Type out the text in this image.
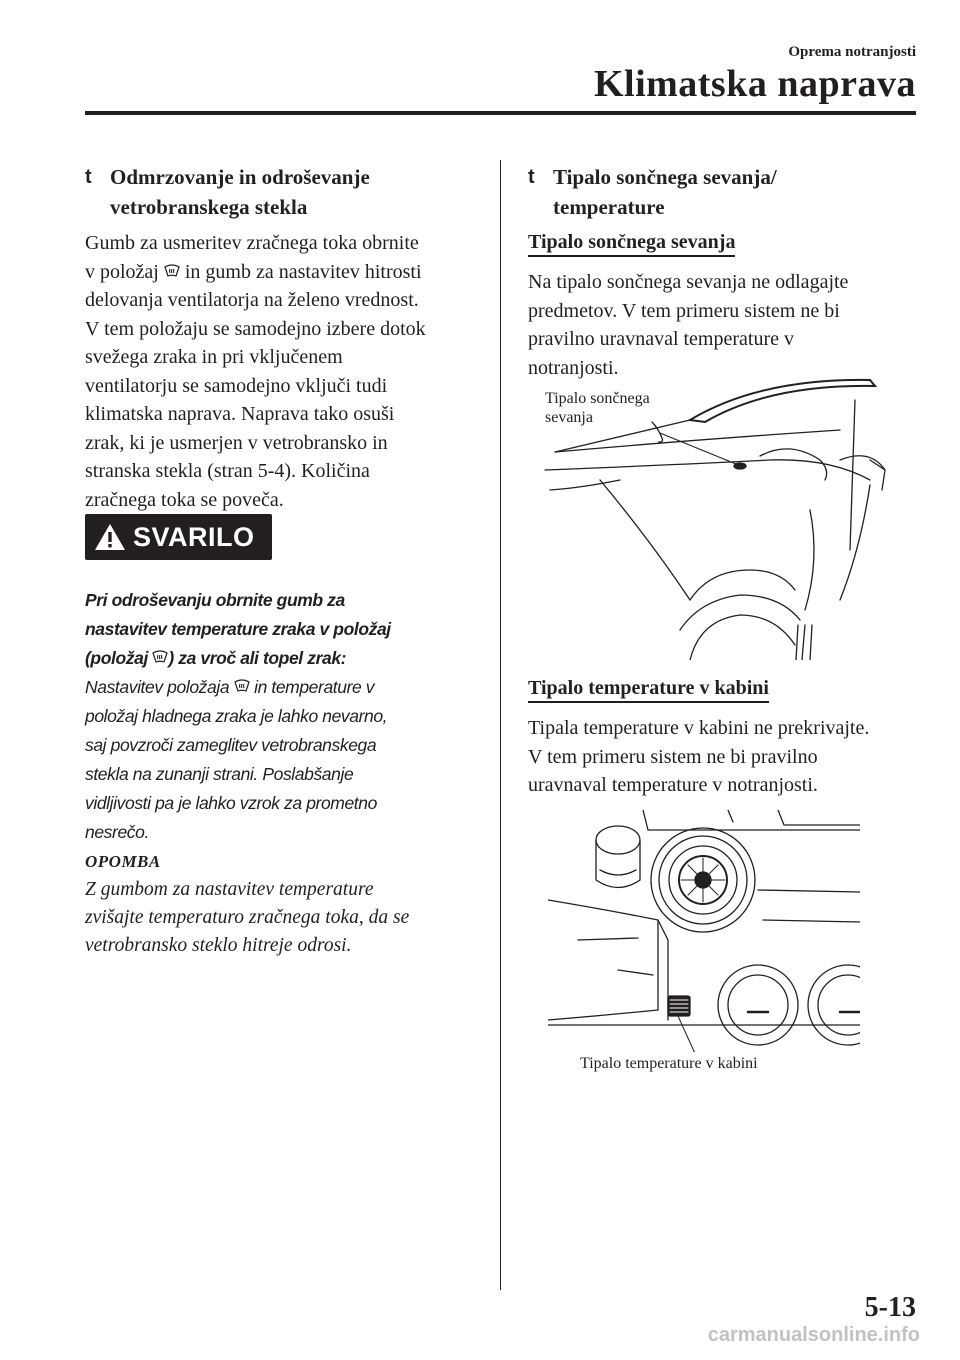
Oprema notranjosti
Klimatska naprava
t Odmrzovanje in odroševanje
vetrobranskega stekla

Gumb za usmeritev zračnega toka obrnite

v položaj in gumb za nastavitev hitrosti

delovanja ventilatorja na želeno vrednost.

V tem položaju se samodejno izbere dotok

svežega zraka in pri vključenem

ventilatorju se samodejno vključi tudi

klimatska naprava. Naprava tako osuši

zrak, ki je usmerjen v vetrobransko in

stranska stekla (stran 5-4). Količina

zračnega toka se poveča.

SVARILO

Pri odroševanju obrnite gumb za

nastavitev temperature zraka v položaj

(položaj ) za vroč ali topel zrak:

Nastavitev položaja in temperature v

položaj hladnega zraka je lahko nevarno,

saj povzroči zameglitev vetrobranskega

stekla na zunanji strani. Poslabšanje

vidljivosti pa je lahko vzrok za prometno

nesrečo.

OPOMBA

Z gumbom za nastavitev temperature

zvišajte temperaturo zračnega toka, da se

vetrobransko steklo hitreje odrosi.

t Tipalo sončnega sevanja/
temperature
Tipalo sončnega sevanja

Na tipalo sončnega sevanja ne odlagajte

predmetov. V tem primeru sistem ne bi

pravilno uravnaval temperature v

notranjosti.

Tipalo sončnega
sevanja
Tipalo temperature v kabini

Tipala temperature v kabini ne prekrivajte.

V tem primeru sistem ne bi pravilno

uravnaval temperature v notranjosti.

Tipalo temperature v kabini
5-13
carmanualsonline.info
